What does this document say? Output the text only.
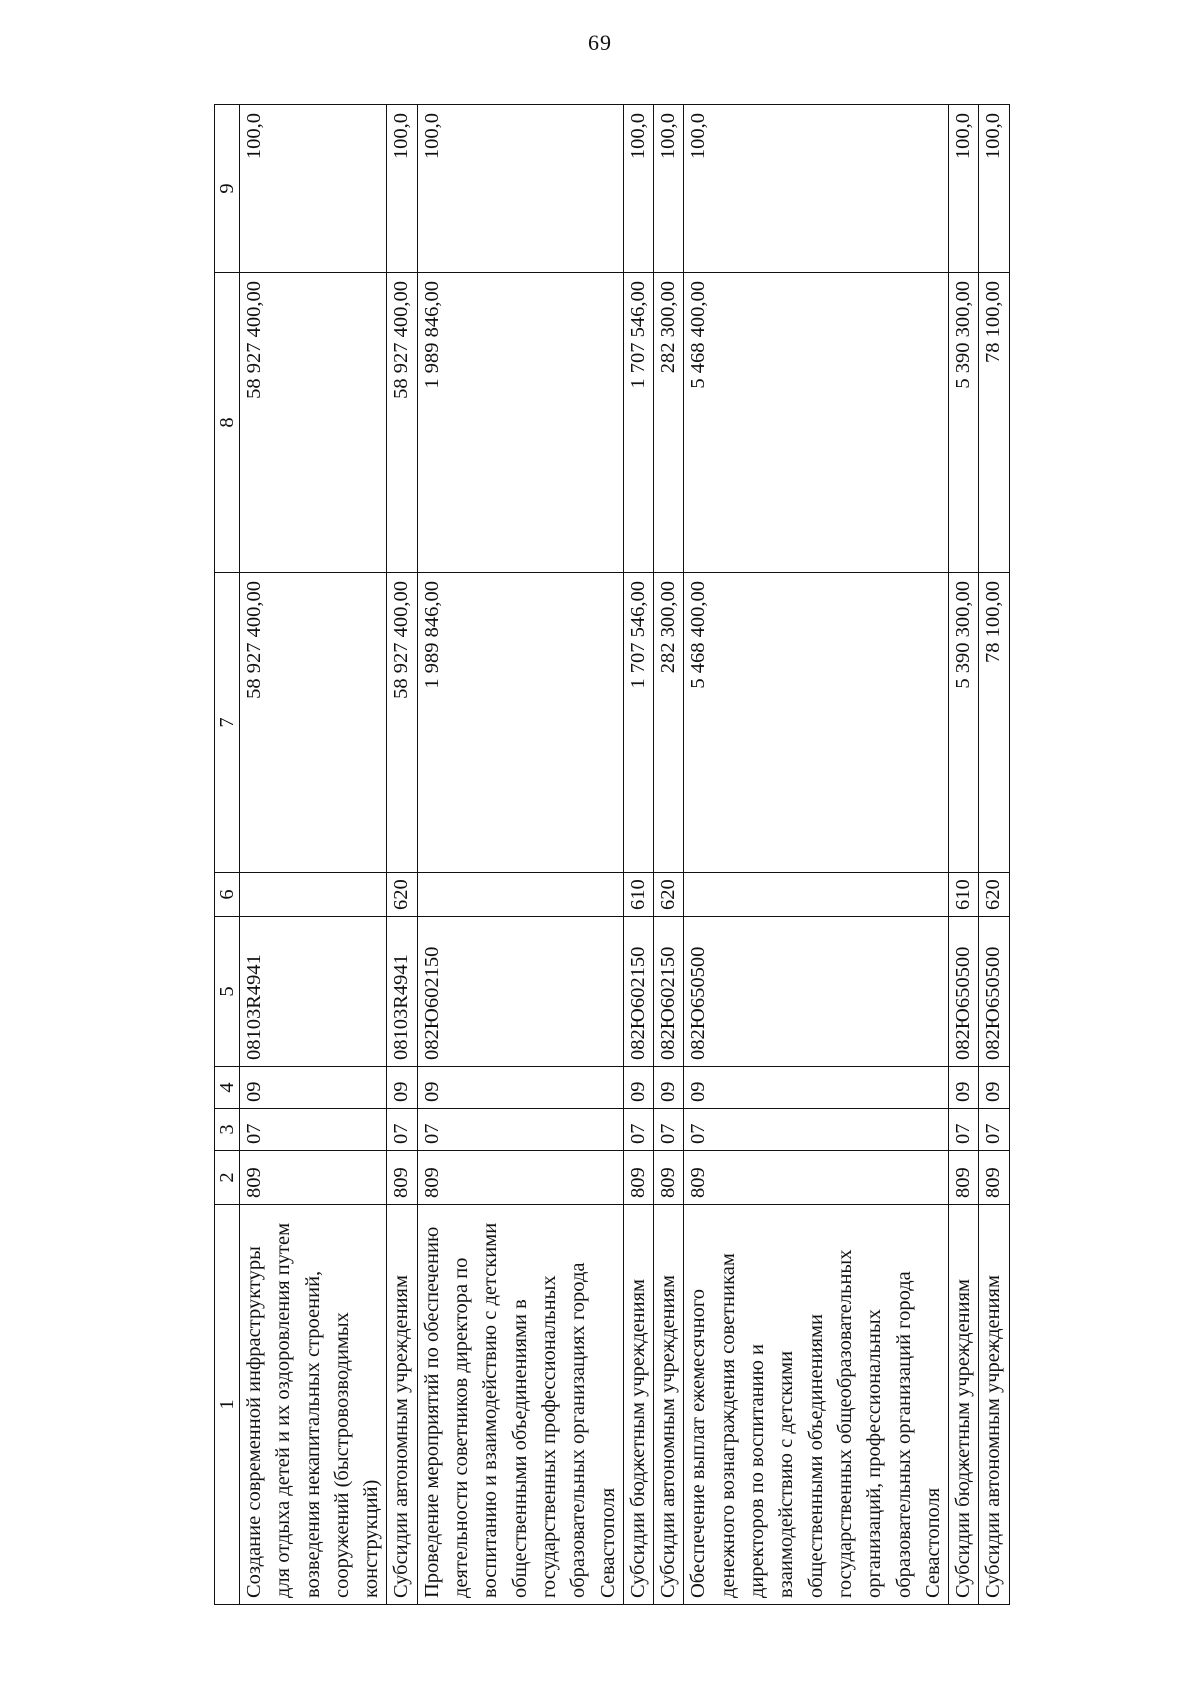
69
1	2	3	4	5	6	7	8	9
Создание современной инфраструктуры для отдыха детей и их оздоровления путем возведения некапитальных строений, сооружений (быстровозводимых конструкций)	809	07	09	08103R4941		58 927 400,00	58 927 400,00	100,0
Субсидии автономным учреждениям	809	07	09	08103R4941	620	58 927 400,00	58 927 400,00	100,0
Проведение мероприятий по обеспечению деятельности советников директора по воспитанию и взаимодействию с детскими общественными объединениями в государственных профессиональных образовательных организациях города Севастополя	809	07	09	082Ю602150		1 989 846,00	1 989 846,00	100,0
Субсидии бюджетным учреждениям	809	07	09	082Ю602150	610	1 707 546,00	1 707 546,00	100,0
Субсидии автономным учреждениям	809	07	09	082Ю602150	620	282 300,00	282 300,00	100,0
Обеспечение выплат ежемесячного денежного вознаграждения советникам директоров по воспитанию и взаимодействию с детскими общественными объединениями государственных общеобразовательных организаций, профессиональных образовательных организаций города Севастополя	809	07	09	082Ю650500		5 468 400,00	5 468 400,00	100,0
Субсидии бюджетным учреждениям	809	07	09	082Ю650500	610	5 390 300,00	5 390 300,00	100,0
Субсидии автономным учреждениям	809	07	09	082Ю650500	620	78 100,00	78 100,00	100,0
